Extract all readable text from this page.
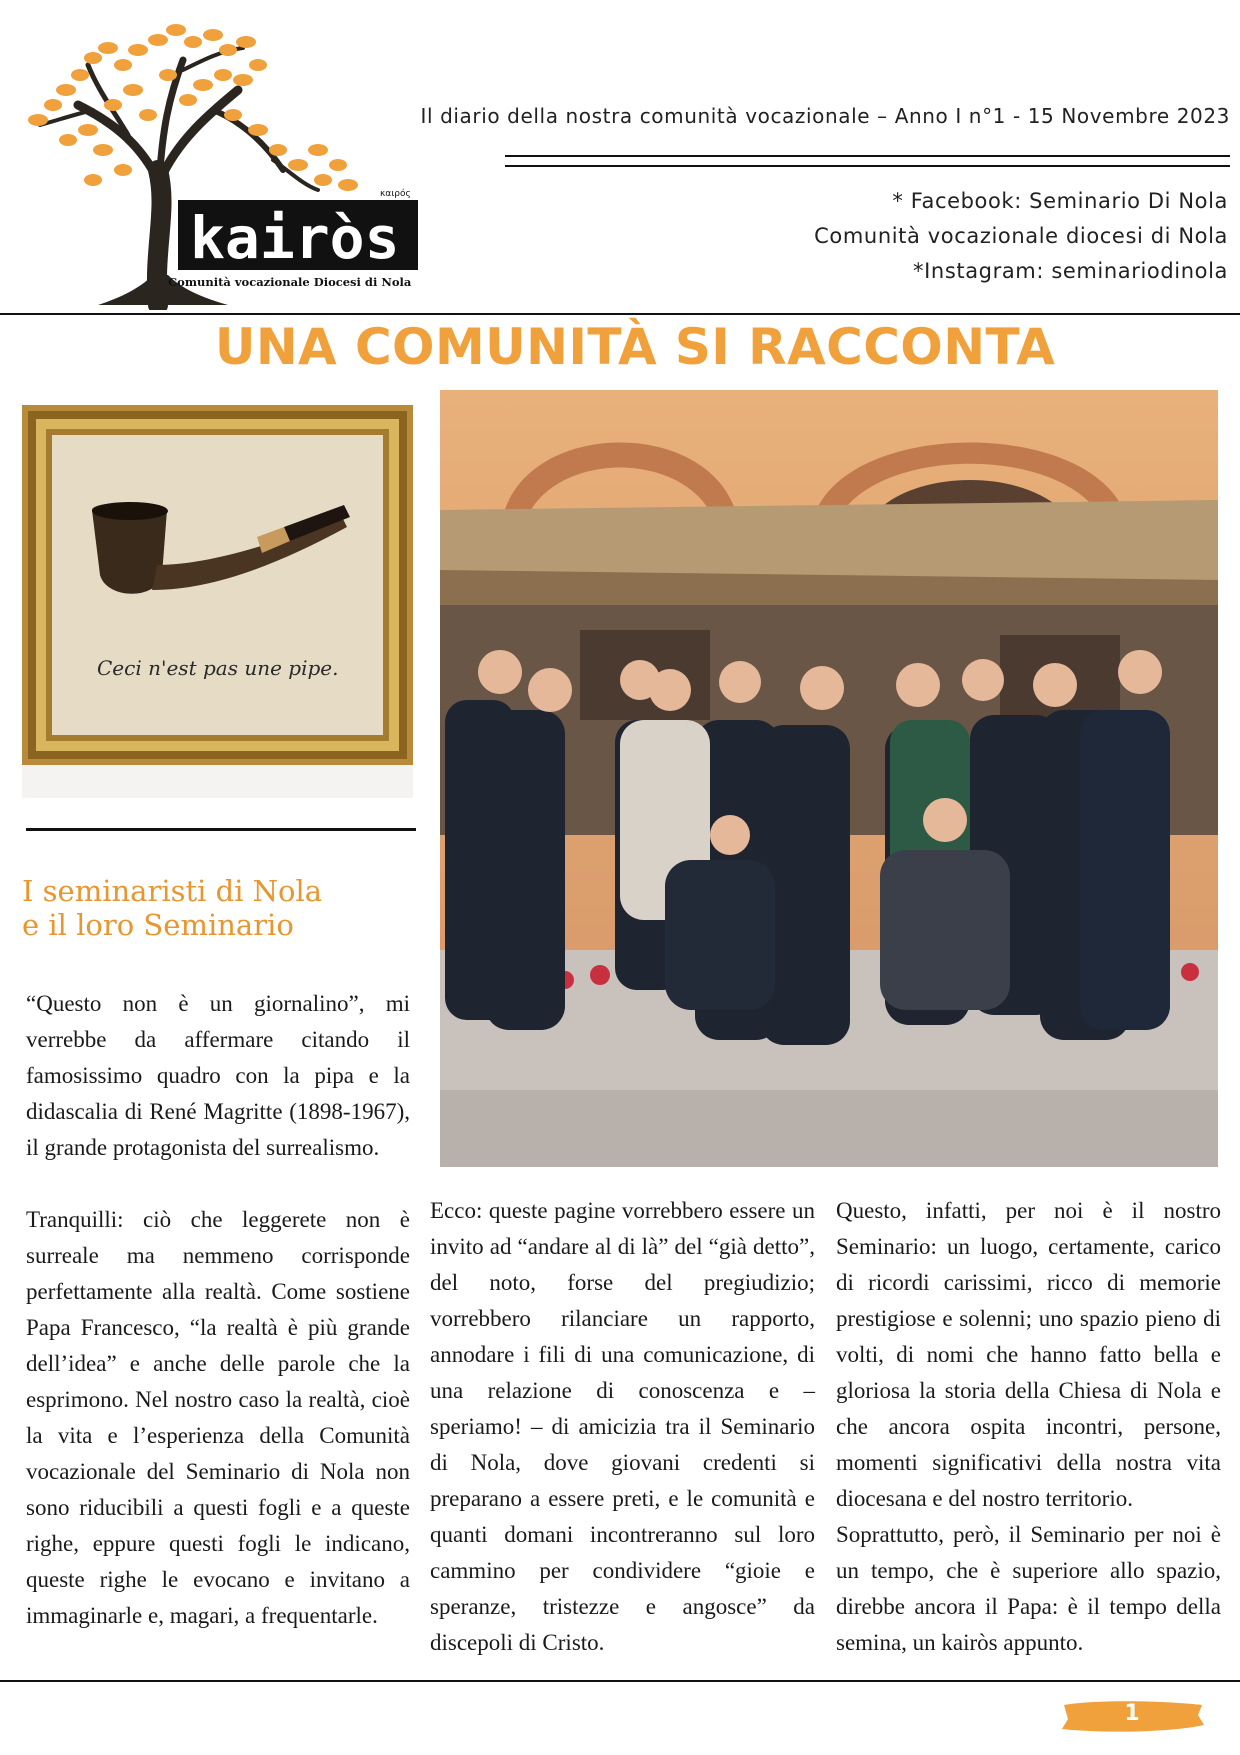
kairòs
καιρός
Comunità vocazionale Diocesi di Nola
Il diario della nostra comunità vocazionale – Anno I n°1 - 15 Novembre 2023
* Facebook: Seminario Di Nola
Comunità vocazionale diocesi di Nola
*Instagram: seminariodinola
UNA COMUNITÀ SI RACCONTA
Ceci n'est pas une pipe.
I seminaristi di Nola
e il loro Seminario

“Questo non è un giornalino”, mi verrebbe da affermare citando il famosissimo quadro con la pipa e la didascalia di René Magritte (1898-1967), il grande protagonista del surrealismo.

Tranquilli: ciò che leggerete non è surreale ma nemmeno corrisponde perfettamente alla realtà. Come sostiene Papa Francesco, “la realtà è più grande dell’idea” e anche delle parole che la esprimono. Nel nostro caso la realtà, cioè la vita e l’esperienza della Comunità vocazionale del Seminario di Nola non sono riducibili a questi fogli e a queste righe, eppure questi fogli le indicano, queste righe le evocano e invitano a immaginarle e, magari, a frequentarle.

Ecco: queste pagine vorrebbero essere un invito ad “andare al di là” del “già detto”, del noto, forse del pregiudizio; vorrebbero rilanciare un rapporto, annodare i fili di una comunicazione, di una relazione di conoscenza e – speriamo! – di amicizia tra il Seminario di Nola, dove giovani credenti si preparano a essere preti, e le comunità e quanti domani incontreranno sul loro cammino per condividere “gioie e speranze, tristezze e angosce” da discepoli di Cristo.

Questo, infatti, per noi è il nostro Seminario: un luogo, certamente, carico di ricordi carissimi, ricco di memorie prestigiose e solenni; uno spazio pieno di volti, di nomi che hanno fatto bella e gloriosa la storia della Chiesa di Nola e che ancora ospita incontri, persone, momenti significativi della nostra vita diocesana e del nostro territorio.

Soprattutto, però, il Seminario per noi è un tempo, che è superiore allo spazio, direbbe ancora il Papa: è il tempo della semina, un kairòs appunto.

1
